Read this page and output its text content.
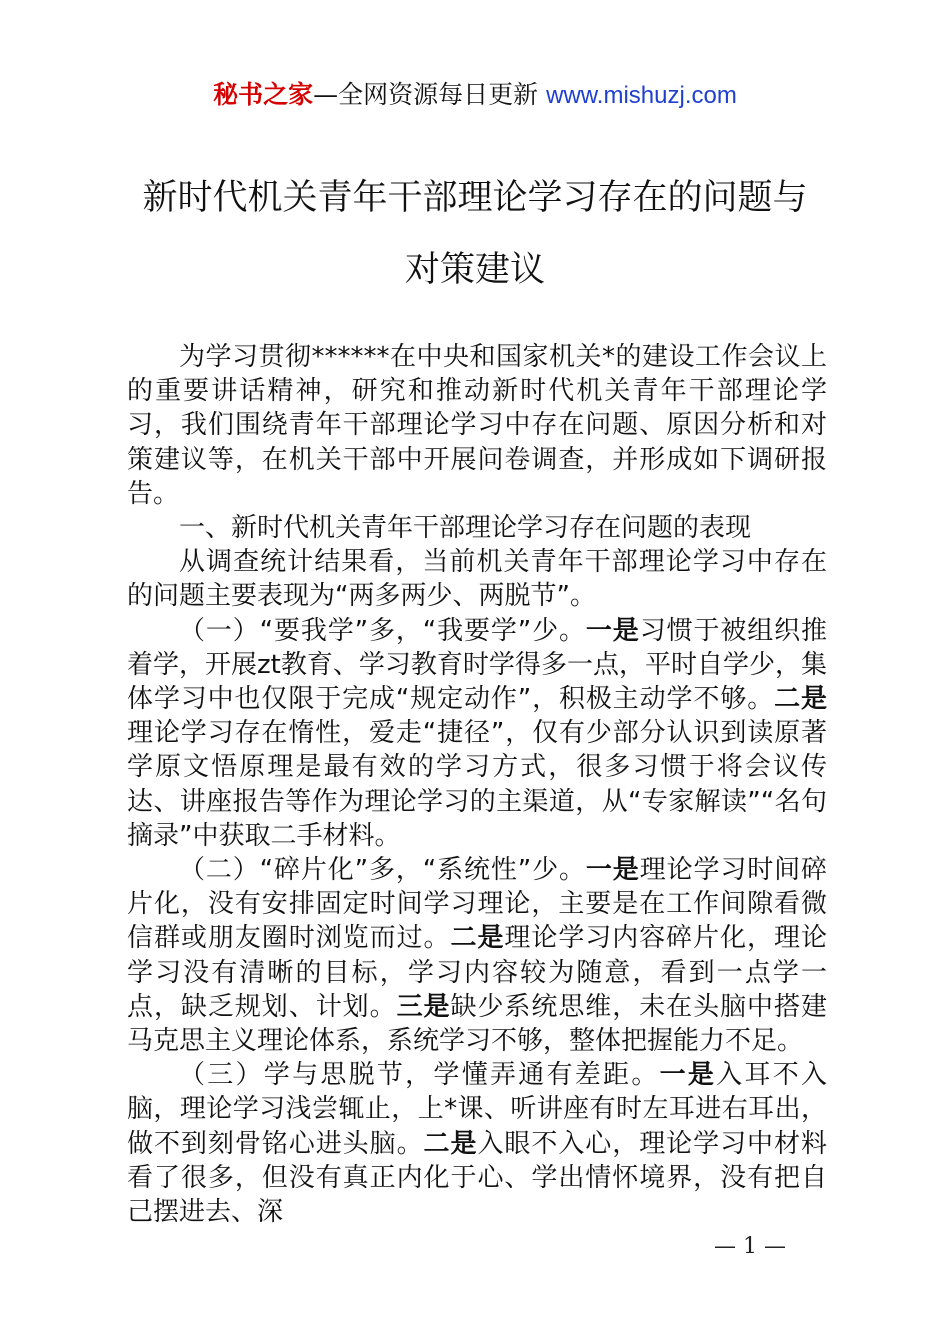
秘书之家—全网资源每日更新 www.mishuzj.com
新时代机关青年干部理论学习存在的问题与
对策建议

为学习贯彻******在中央和国家机关*的建设工作会议上的重要讲话精神，研究和推动新时代机关青年干部理论学习，我们围绕青年干部理论学习中存在问题、原因分析和对策建议等，在机关干部中开展问卷调查，并形成如下调研报告。

一、新时代机关青年干部理论学习存在问题的表现

从调查统计结果看，当前机关青年干部理论学习中存在的问题主要表现为“两多两少、两脱节”。

（一）“要我学”多，“我要学”少。一是习惯于被组织推着学，开展zt教育、学习教育时学得多一点，平时自学少，集体学习中也仅限于完成“规定动作”，积极主动学不够。二是理论学习存在惰性，爱走“捷径”，仅有少部分认识到读原著学原文悟原理是最有效的学习方式，很多习惯于将会议传达、讲座报告等作为理论学习的主渠道，从“专家解读”“名句摘录”中获取二手材料。

（二）“碎片化”多，“系统性”少。一是理论学习时间碎片化，没有安排固定时间学习理论，主要是在工作间隙看微信群或朋友圈时浏览而过。二是理论学习内容碎片化，理论学习没有清晰的目标，学习内容较为随意，看到一点学一点，缺乏规划、计划。三是缺少系统思维，未在头脑中搭建马克思主义理论体系，系统学习不够，整体把握能力不足。

（三）学与思脱节，学懂弄通有差距。一是入耳不入脑，理论学习浅尝辄止，上*课、听讲座有时左耳进右耳出，做不到刻骨铭心进头脑。二是入眼不入心，理论学习中材料看了很多，但没有真正内化于心、学出情怀境界，没有把自己摆进去、深

— 1 —
